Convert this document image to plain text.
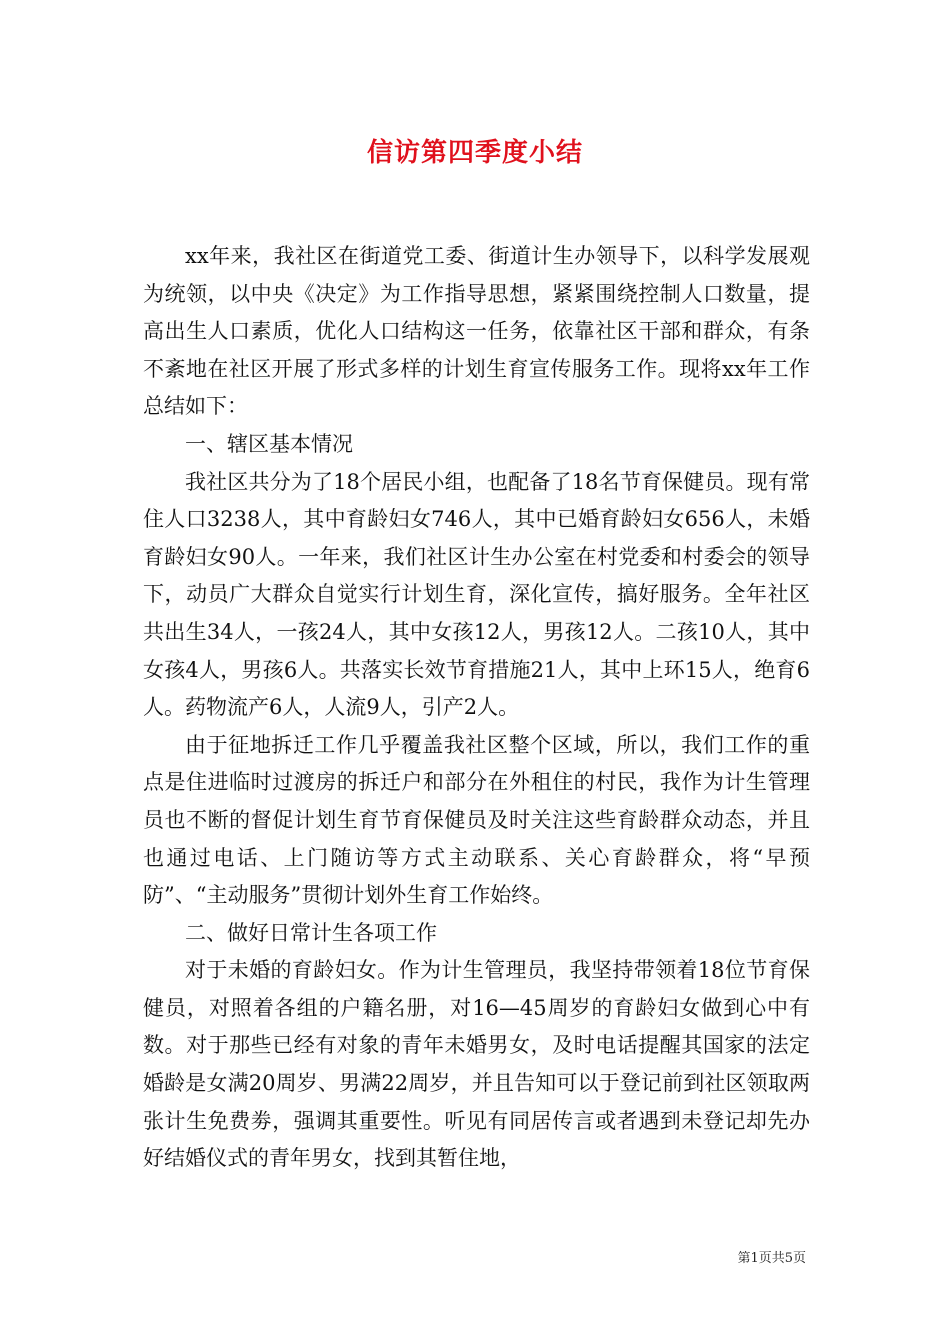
信访第四季度小结

xx年来，我社区在街道党工委、街道计生办领导下，以科学发展观为统领，以中央《决定》为工作指导思想，紧紧围绕控制人口数量，提高出生人口素质，优化人口结构这一任务，依靠社区干部和群众，有条不紊地在社区开展了形式多样的计划生育宣传服务工作。现将xx年工作总结如下：

一、辖区基本情况

我社区共分为了18个居民小组，也配备了18名节育保健员。现有常住人口3238人，其中育龄妇女746人，其中已婚育龄妇女656人，未婚育龄妇女90人。一年来，我们社区计生办公室在村党委和村委会的领导下，动员广大群众自觉实行计划生育，深化宣传，搞好服务。全年社区共出生34人，一孩24人，其中女孩12人，男孩12人。二孩10人，其中女孩4人，男孩6人。共落实长效节育措施21人，其中上环15人，绝育6人。药物流产6人，人流9人，引产2人。

由于征地拆迁工作几乎覆盖我社区整个区域，所以，我们工作的重点是住进临时过渡房的拆迁户和部分在外租住的村民，我作为计生管理员也不断的督促计划生育节育保健员及时关注这些育龄群众动态，并且也通过电话、上门随访等方式主动联系、关心育龄群众，将“早预防”、“主动服务”贯彻计划外生育工作始终。

二、做好日常计生各项工作

对于未婚的育龄妇女。作为计生管理员，我坚持带领着18位节育保健员，对照着各组的户籍名册，对16—45周岁的育龄妇女做到心中有数。对于那些已经有对象的青年未婚男女，及时电话提醒其国家的法定婚龄是女满20周岁、男满22周岁，并且告知可以于登记前到社区领取两张计生免费劵，强调其重要性。听见有同居传言或者遇到未登记却先办好结婚仪式的青年男女，找到其暂住地，

第1页共5页
